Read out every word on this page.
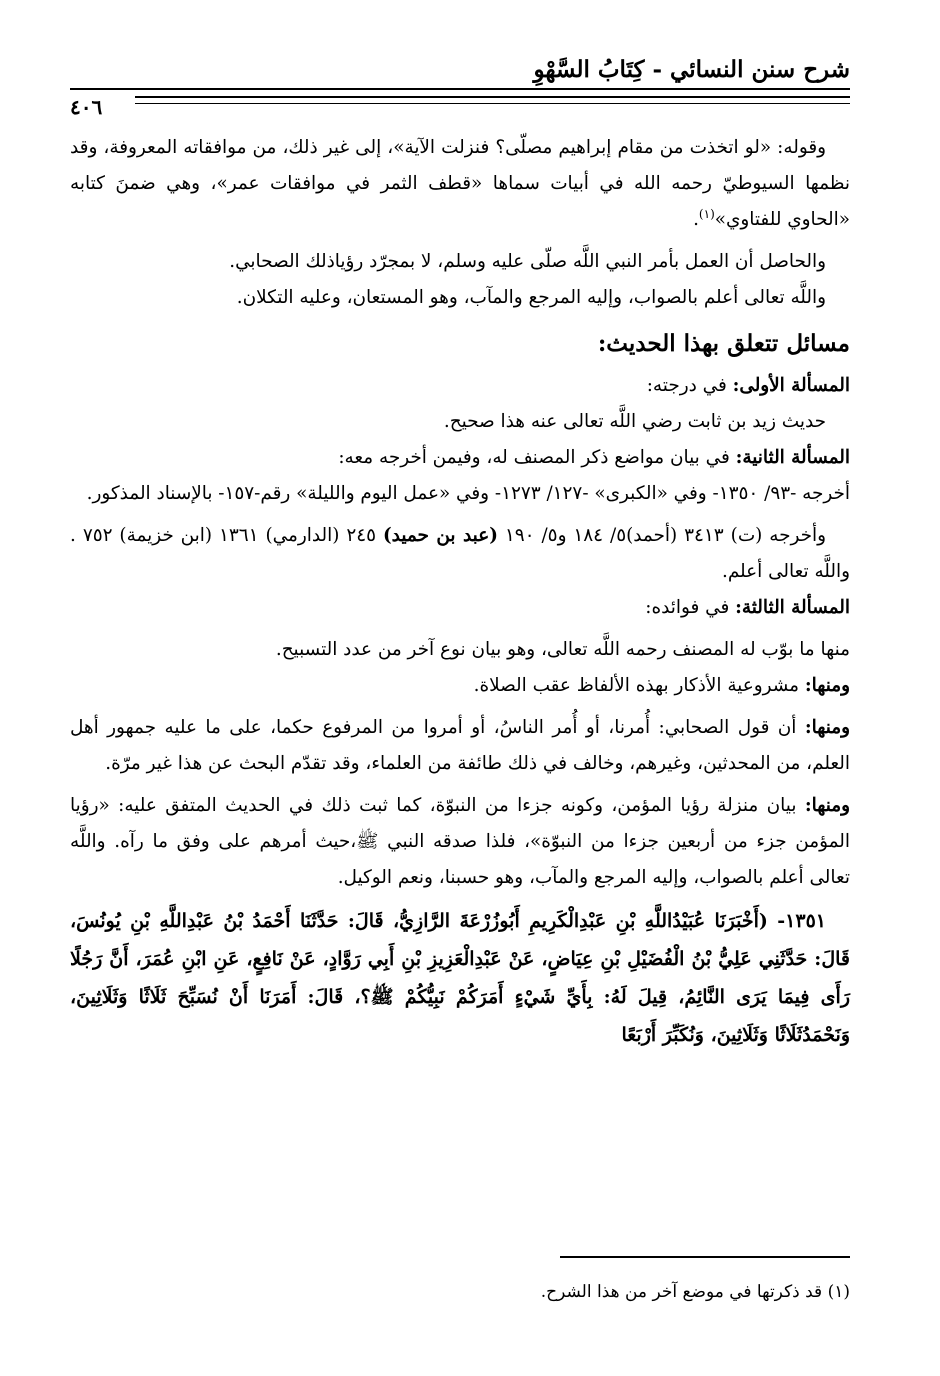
شرح سنن النسائي - كِتَابُ السَّهْوِ
٤٠٦

وقوله: «لو اتخذت من مقام إبراهيم مصلّى؟ فنزلت الآية»، إلى غير ذلك، من موافقاته المعروفة، وقد نظمها السيوطيّ رحمه الله في أبيات سماها «قطف الثمر في موافقات عمر»، وهي ضمنَ كتابه «الحاوي للفتاوي»$^{(١)}$.

والحاصل أن العمل بأمر النبي اللَّه صلّى عليه وسلم، لا بمجرّد رؤياذلك الصحابي.

واللَّه تعالى أعلم بالصواب، وإليه المرجع والمآب، وهو المستعان، وعليه التكلان.

مسائل تتعلق بهذا الحديث:

المسألة الأولى: في درجته:

حديث زيد بن ثابت رضي اللَّه تعالى عنه هذا صحيح.

المسألة الثانية: في بيان مواضع ذكر المصنف له، وفيمن أخرجه معه:

أخرجه -٩٣/ ١٣٥٠- وفي «الكبرى» -١٢٧/ ١٢٧٣- وفي «عمل اليوم والليلة» رقم-١٥٧- بالإسناد المذكور.

وأخرجه (ت) ٣٤١٣ (أحمد)٥/ ١٨٤ و٥/ ١٩٠ (عبد بن حميد) ٢٤٥ (الدارمي) ١٣٦١ (ابن خزيمة) ٧٥٢ . واللَّه تعالى أعلم.

المسألة الثالثة: في فوائده:

منها ما بوّب له المصنف رحمه اللَّه تعالى، وهو بيان نوع آخر من عدد التسبيح.

ومنها: مشروعية الأذكار بهذه الألفاظ عقب الصلاة.

ومنها: أن قول الصحابي: أُمرنا، أو أُمر الناسُ، أو أمروا من المرفوع حكما، على ما عليه جمهور أهل العلم، من المحدثين، وغيرهم، وخالف في ذلك طائفة من العلماء، وقد تقدّم البحث عن هذا غير مرّة.

ومنها: بيان منزلة رؤيا المؤمن، وكونه جزءا من النبوّة، كما ثبت ذلك في الحديث المتفق عليه: «رؤيا المؤمن جزء من أربعين جزءا من النبوّة»، فلذا صدقه النبي ﷺ،حيث أمرهم على وفق ما رآه. واللَّه تعالى أعلم بالصواب، وإليه المرجع والمآب، وهو حسبنا، ونعم الوكيل.

١٣٥١- (أَخْبَرَنَا عُبَيْدُاللَّهِ بْنِ عَبْدِالْكَرِيمِ أَبُوزُرْعَةَ الرَّازِيُّ، قَالَ: حَدَّثَنَا أَحْمَدُ بْنُ عَبْدِاللَّهِ بْنِ يُونُسَ، قَالَ: حَدَّثَنِي عَلِيُّ بْنُ الْفُضَيْلِ بْنِ عِيَاضٍ، عَنْ عَبْدِالْعَزِيزِ بْنِ أَبِي رَوَّادٍ، عَنْ نَافِعٍ، عَنِ ابْنِ عُمَرَ، أَنَّ رَجُلًا رَأَى فِيمَا يَرَى النَّائِمُ، قِيلَ لَهُ: بِأَيِّ شَيْءٍ أَمَرَكُمْ نَبِيُّكُمْ ﷺ؟، قَالَ: أَمَرَنَا أَنْ نُسَبِّحَ ثَلَاثًا وَثَلَاثِينَ، وَنَحْمَدُثَلَاثًا وَثَلَاثِينَ، وَنُكَبِّرَ أَرْبَعًا

(١) قد ذكرتها في موضع آخر من هذا الشرح.
